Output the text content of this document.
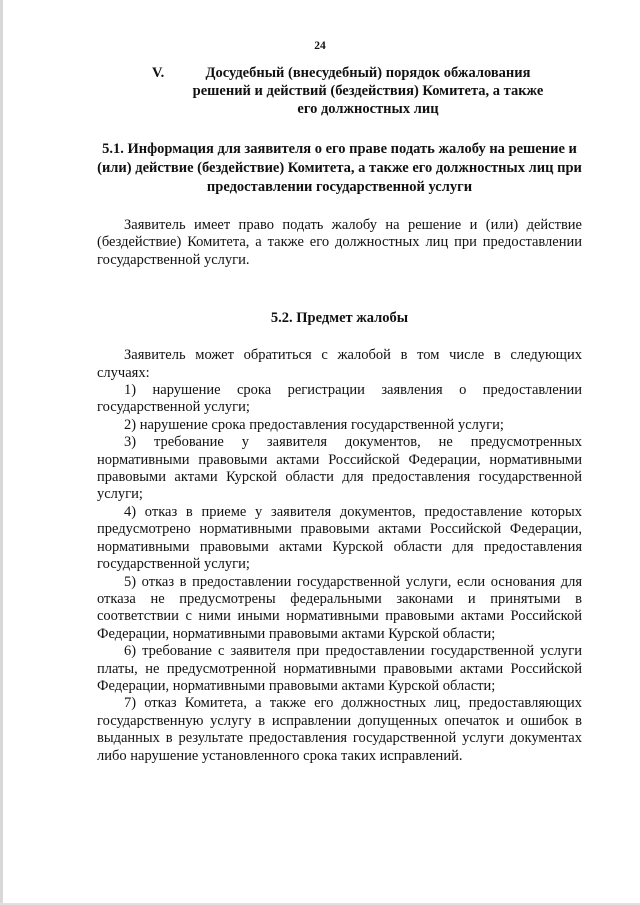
24
V.	Досудебный (внесудебный) порядок обжалования решений и действий (бездействия) Комитета, а также его должностных лиц
5.1. Информация для заявителя о его праве подать жалобу на решение и (или) действие (бездействие) Комитета, а также его должностных лиц при предоставлении государственной услуги

Заявитель имеет право подать жалобу на решение и (или) действие (бездействие) Комитета, а также его должностных лиц при предоставлении государственной услуги.

5.2. Предмет жалобы

Заявитель может обратиться с жалобой в том числе в следующих случаях:

1) нарушение срока регистрации заявления о предоставлении государственной услуги;

2) нарушение срока предоставления государственной услуги;

3) требование у заявителя документов, не предусмотренных нормативными правовыми актами Российской Федерации, нормативными правовыми актами Курской области для предоставления государственной услуги;

4) отказ в приеме у заявителя документов, предоставление которых предусмотрено нормативными правовыми актами Российской Федерации, нормативными правовыми актами Курской области для предоставления государственной услуги;

5) отказ в предоставлении государственной услуги, если основания для отказа не предусмотрены федеральными законами и принятыми в соответствии с ними иными нормативными правовыми актами Российской Федерации, нормативными правовыми актами Курской области;

6) требование с заявителя при предоставлении государственной услуги платы, не предусмотренной нормативными правовыми актами Российской Федерации, нормативными правовыми актами Курской области;

7) отказ Комитета, а также его должностных лиц, предоставляющих государственную услугу в исправлении допущенных опечаток и ошибок в выданных в результате предоставления государственной услуги документах либо нарушение установленного срока таких исправлений.
